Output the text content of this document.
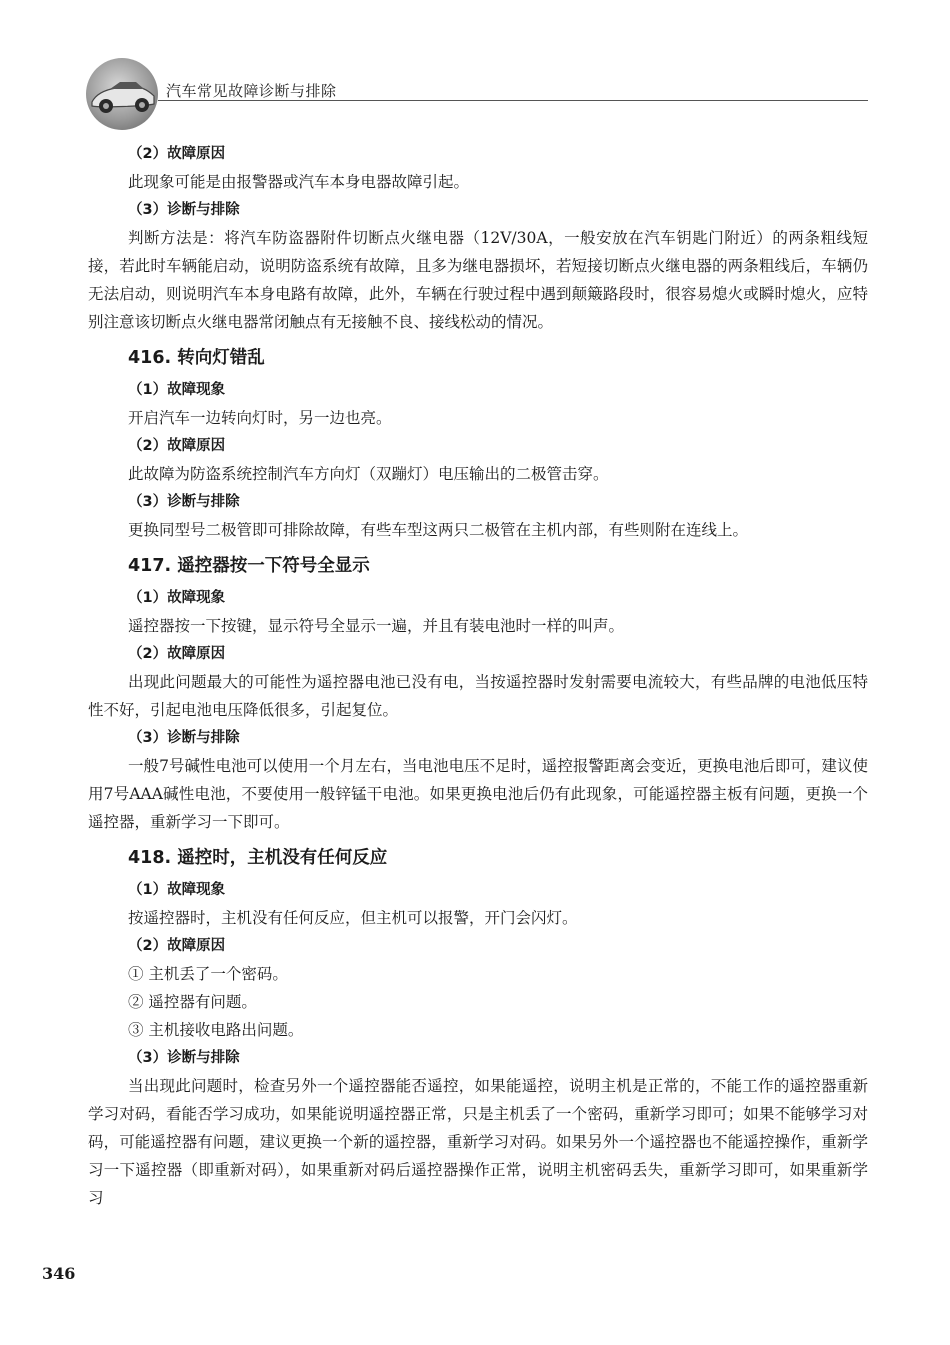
汽车常见故障诊断与排除
（2）故障原因
此现象可能是由报警器或汽车本身电器故障引起。
（3）诊断与排除
判断方法是：将汽车防盗器附件切断点火继电器（12V/30A，一般安放在汽车钥匙门附近）的两条粗线短接，若此时车辆能启动，说明防盗系统有故障，且多为继电器损坏，若短接切断点火继电器的两条粗线后，车辆仍无法启动，则说明汽车本身电路有故障，此外，车辆在行驶过程中遇到颠簸路段时，很容易熄火或瞬时熄火，应特别注意该切断点火继电器常闭触点有无接触不良、接线松动的情况。
416. 转向灯错乱
（1）故障现象
开启汽车一边转向灯时，另一边也亮。
（2）故障原因
此故障为防盗系统控制汽车方向灯（双蹦灯）电压输出的二极管击穿。
（3）诊断与排除
更换同型号二极管即可排除故障，有些车型这两只二极管在主机内部，有些则附在连线上。
417. 遥控器按一下符号全显示
（1）故障现象
遥控器按一下按键，显示符号全显示一遍，并且有装电池时一样的叫声。
（2）故障原因
出现此问题最大的可能性为遥控器电池已没有电，当按遥控器时发射需要电流较大，有些品牌的电池低压特性不好，引起电池电压降低很多，引起复位。
（3）诊断与排除
一般7号碱性电池可以使用一个月左右，当电池电压不足时，遥控报警距离会变近，更换电池后即可，建议使用7号AAA碱性电池，不要使用一般锌锰干电池。如果更换电池后仍有此现象，可能遥控器主板有问题，更换一个遥控器，重新学习一下即可。
418. 遥控时，主机没有任何反应
（1）故障现象
按遥控器时，主机没有任何反应，但主机可以报警，开门会闪灯。
（2）故障原因
① 主机丢了一个密码。
② 遥控器有问题。
③ 主机接收电路出问题。
（3）诊断与排除
当出现此问题时，检查另外一个遥控器能否遥控，如果能遥控，说明主机是正常的，不能工作的遥控器重新学习对码，看能否学习成功，如果能说明遥控器正常，只是主机丢了一个密码，重新学习即可；如果不能够学习对码，可能遥控器有问题，建议更换一个新的遥控器，重新学习对码。如果另外一个遥控器也不能遥控操作，重新学习一下遥控器（即重新对码），如果重新对码后遥控器操作正常，说明主机密码丢失，重新学习即可，如果重新学习
346
